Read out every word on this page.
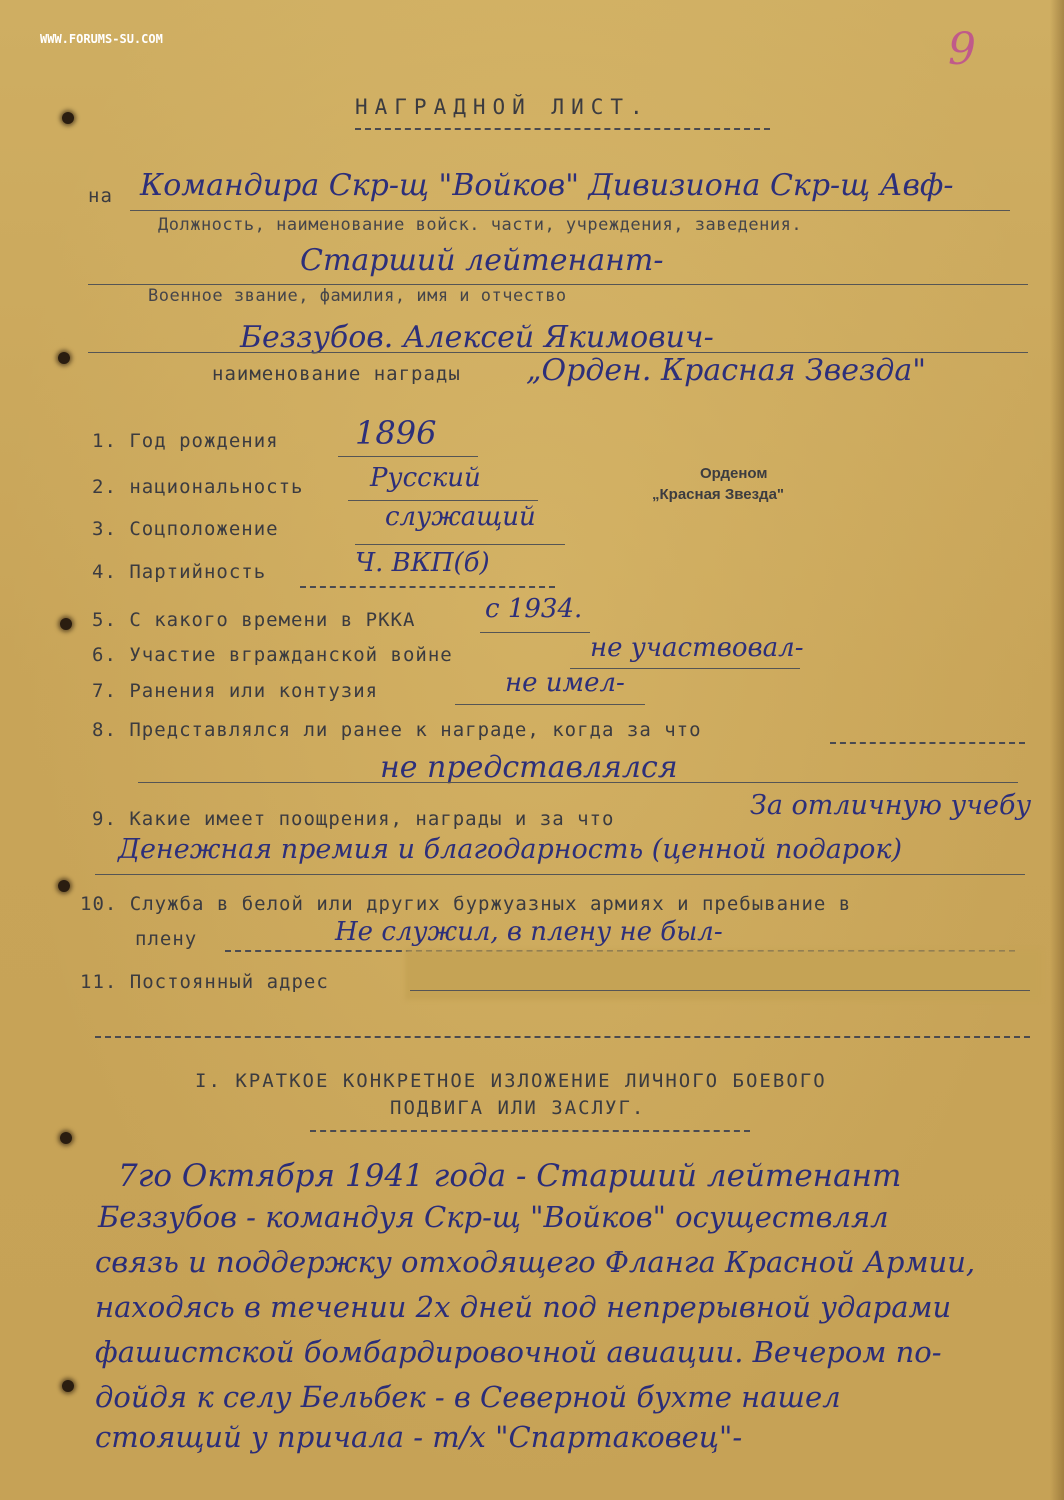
WWW.FORUMS-SU.COM	9
НАГРАДНОЙ ЛИСТ.
на Командира Скр-щ "Войков" Дивизиона Скр-щ Авф-
Должность, наименование войск. части, учреждения, заведения.
Старший лейтенант-
Военное звание, фамилия, имя и отчество
Беззубов. Алексей Якимович-
наименование награды „Орден. Красная Звезда"
Орденом
„Красная Звезда"
1. Год рождения 1896
2. национальность	Русский
3. Соцположение	служащий
4. Партийность	Ч. ВКП(б)
5. С какого времени в РККА	с 1934.
6. Участие вгражданской войне	не участвовал-
7. Ранения или контузия	не имел-
8. Представлялся ли ранее к награде, когда за что
не представлялся
9. Какие имеет поощрения, награды и за что	За отличную учебу
Денежная премия и благодарность (ценной подарок)
10. Служба в белой или других буржуазных армиях и пребывание в
плену	Не служил, в плену не был-
11. Постоянный адрес
I. КРАТКОЕ КОНКРЕТНОЕ ИЗЛОЖЕНИЕ ЛИЧНОГО БОЕВОГО
ПОДВИГА ИЛИ ЗАСЛУГ.
7го Октября 1941 года - Старший лейтенант
Беззубов - командуя Скр-щ "Войков" осуществлял
связь и поддержку отходящего Фланга Красной Армии,
находясь в течении 2х дней под непрерывной ударами
фашистской бомбардировочной авиации. Вечером по-
дойдя к селу Бельбек - в Северной бухте нашел
стоящий у причала - т/х "Спартаковец"-
